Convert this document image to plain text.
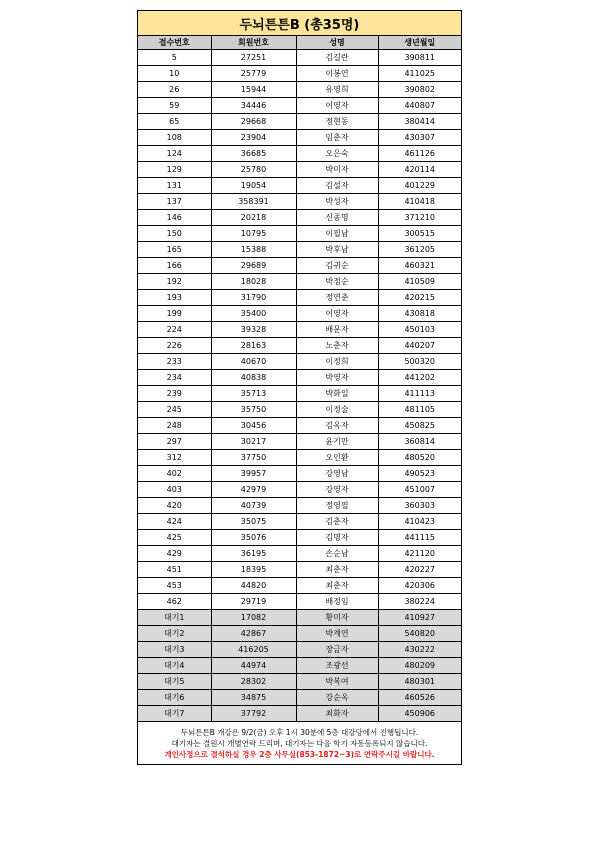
두뇌튼튼B (총35명)
접수번호	회원번호	성명	생년월일
5	27251	김길란	390811
10	25779	이봉연	411025
26	15944	유영희	390802
59	34446	이영자	440807
65	29668	정현동	380414
108	23904	임춘자	430307
124	36685	오은숙	461126
129	25780	박미자	420114
131	19054	김설자	401229
137	358391	박성자	410418
146	20218	신종명	371210
150	10795	이필남	300515
165	15388	박후남	361205
166	29689	김귀순	460321
192	18028	박점순	410509
193	31790	정연춘	420215
199	35400	이영자	430818
224	39328	배문자	450103
226	28163	노춘자	440207
233	40670	이정희	500320
234	40838	박영자	441202
239	35713	박화일	411113
245	35750	이정술	481105
248	30456	김옥자	450825
297	30217	윤기만	360814
312	37750	오인환	480520
402	39957	강영남	490523
403	42979	강영자	451007
420	40739	정영필	360303
424	35075	김춘자	410423
425	35076	김명자	441115
429	36195	손순남	421120
451	18395	최춘자	420227
453	44820	최춘자	420306
462	29719	배정임	380224
대기1	17082	황미자	410927
대기2	42867	박계연	540820
대기3	416205	장금자	430222
대기4	44974	조광선	480209
대기5	28302	박복여	480301
대기6	34875	강순옥	460526
대기7	37792	최화자	450906
두뇌튼튼B 개강은 9/2(금) 오후 1시 30분에 5층 대강당에서 진행됩니다.
대기자는 결원시 개별연락 드리며, 대기자는 다음 학기 자동등록되지 않습니다.
개인사정으로 결석하실 경우 2층 사무실(853-1872~3)로 연락주시길 바랍니다.
